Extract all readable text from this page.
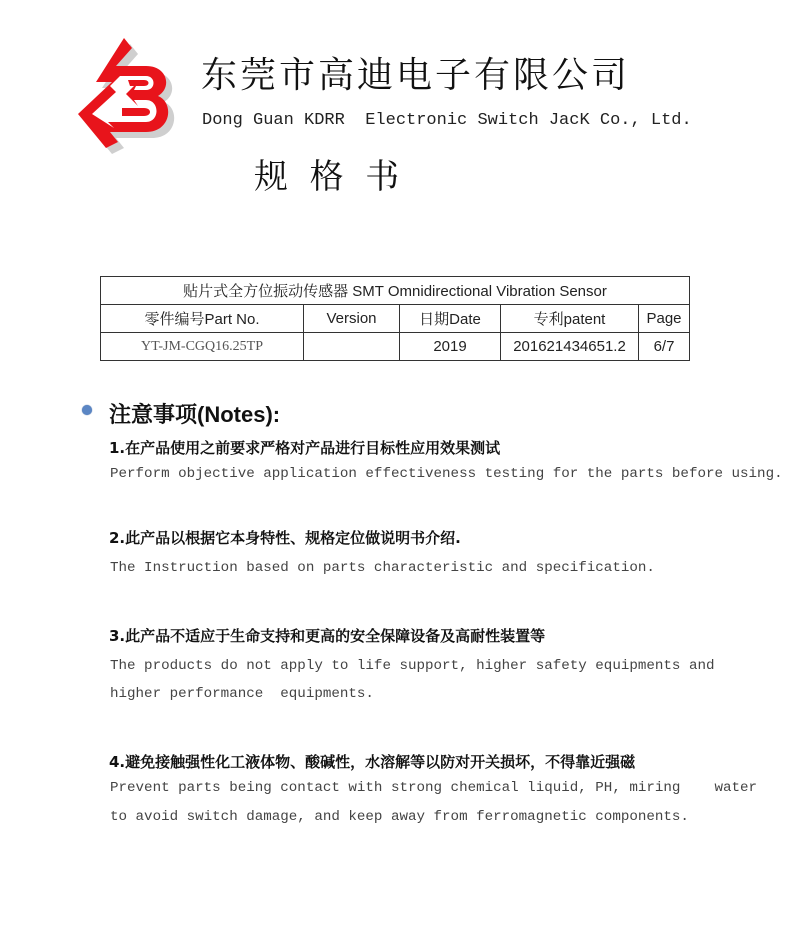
东莞市高迪电子有限公司
Dong Guan KDRR  Electronic Switch JacK Co., Ltd.
规  格  书
贴片式全方位振动传感器 SMT Omnidirectional Vibration Sensor				
零件编号Part No.	Version	日期Date	专利patent	Page
YT-JM-CGQ16.25TP		2019	201621434651.2	6/7
注意事项(Notes):
1.在产品使用之前要求严格对产品进行目标性应用效果测试
Perform objective application effectiveness testing for the parts before using.
2.此产品以根据它本身特性、规格定位做说明书介绍.
The Instruction based on parts characteristic and specification.
3.此产品不适应于生命支持和更高的安全保障设备及高耐性装置等
The products do not apply to life support, higher safety equipments and
higher performance  equipments.
4.避免接触强性化工液体物、酸碱性，水溶解等以防对开关损坏，不得靠近强磁
Prevent parts being contact with strong chemical liquid, PH, miring    water
to avoid switch damage, and keep away from ferromagnetic components.
